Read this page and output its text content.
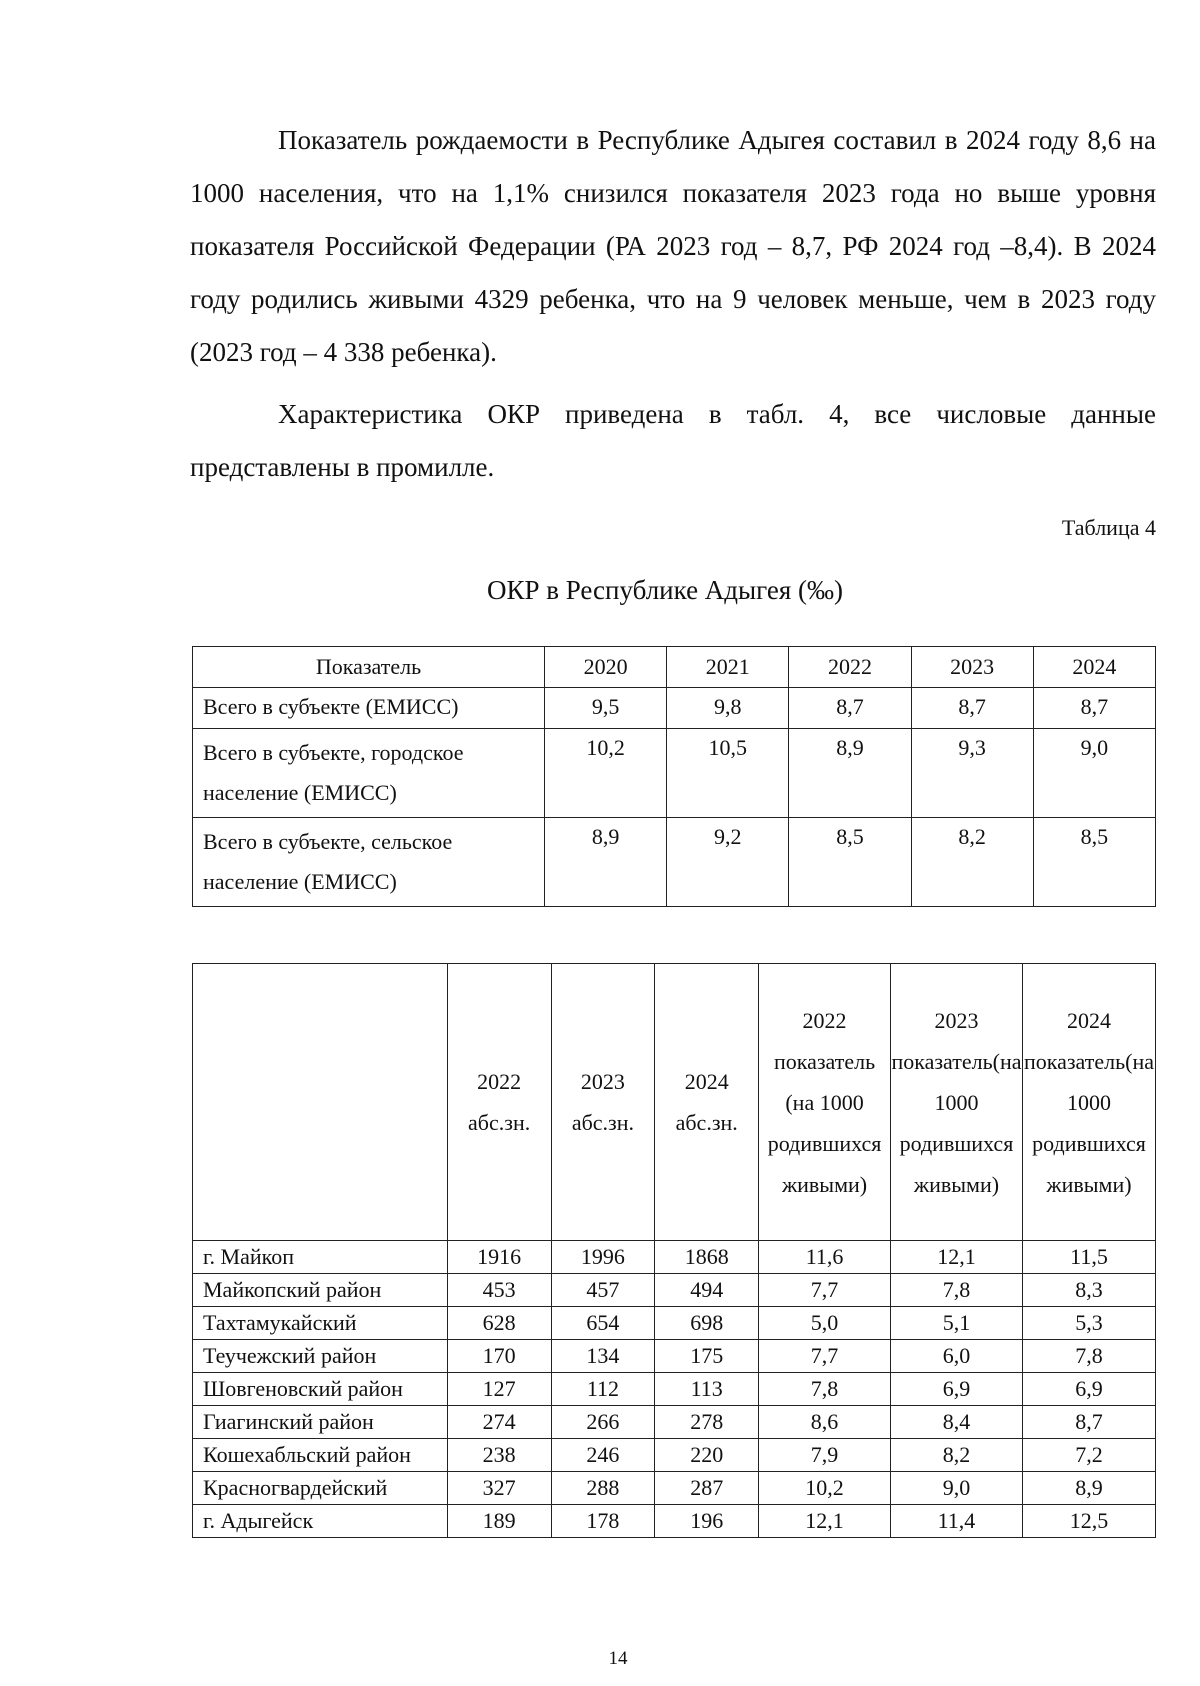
Показатель рождаемости в Республике Адыгея составил в 2024 году 8,6 на 1000 населения, что на 1,1% снизился показателя 2023 года но выше уровня показателя Российской Федерации (РА 2023 год – 8,7, РФ 2024 год –8,4). В 2024 году родились живыми 4329 ребенка, что на 9 человек меньше, чем в 2023 году (2023 год – 4 338 ребенка).

Характеристика ОКР приведена в табл. 4, все числовые данные представлены в промилле.

Таблица 4
ОКР в Республике Адыгея (‰)
Показатель	2020	2021	2022	2023	2024
Всего в субъекте (ЕМИСС)	9,5	9,8	8,7	8,7	8,7
Всего в субъекте, городское население (ЕМИСС)	10,2	10,5	8,9	9,3	9,0
Всего в субъекте, сельское население (ЕМИСС)	8,9	9,2	8,5	8,2	8,5
	2022 абс.зн.	2023 абс.зн.	2024 абс.зн.	2022 показатель (на 1000 родившихся живыми)	2023 показатель(на 1000 родившихся живыми)	2024 показатель(на 1000 родившихся живыми)
г. Майкоп	1916	1996	1868	11,6	12,1	11,5
Майкопский район	453	457	494	7,7	7,8	8,3
Тахтамукайский	628	654	698	5,0	5,1	5,3
Теучежский район	170	134	175	7,7	6,0	7,8
Шовгеновский район	127	112	113	7,8	6,9	6,9
Гиагинский район	274	266	278	8,6	8,4	8,7
Кошехабльский район	238	246	220	7,9	8,2	7,2
Красногвардейский	327	288	287	10,2	9,0	8,9
г. Адыгейск	189	178	196	12,1	11,4	12,5
14
